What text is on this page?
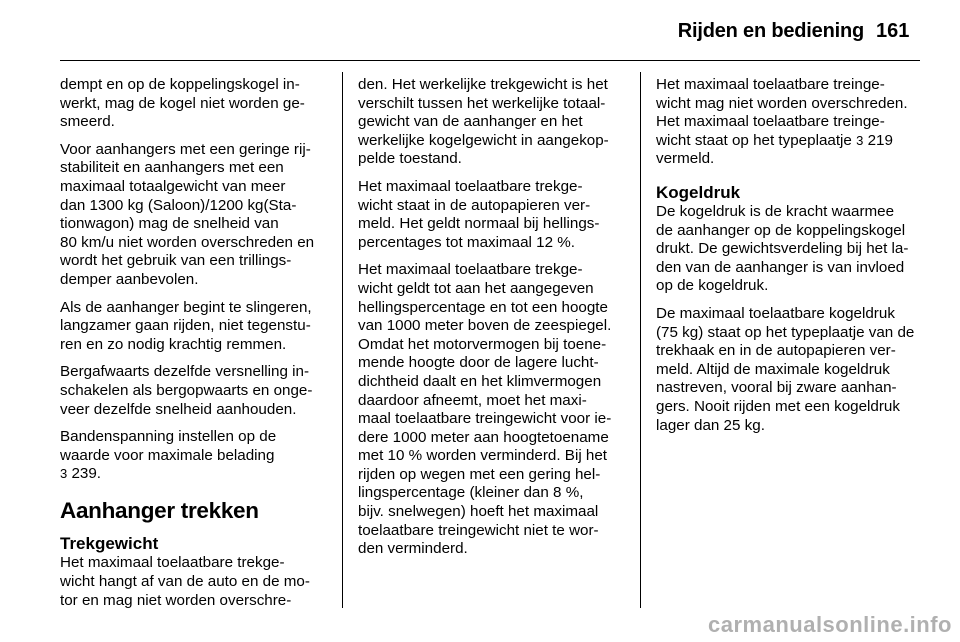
Rijden en bediening 161

dempt en op de koppelingskogel in-
werkt, mag de kogel niet worden ge-
smeerd.

Voor aanhangers met een geringe rij-
stabiliteit en aanhangers met een
maximaal totaalgewicht van meer
dan 1300 kg (Saloon)/1200 kg(Sta-
tionwagon) mag de snelheid van
80 km/u niet worden overschreden en
wordt het gebruik van een trillings-
demper aanbevolen.

Als de aanhanger begint te slingeren,
langzamer gaan rijden, niet tegenstu-
ren en zo nodig krachtig remmen.

Bergafwaarts dezelfde versnelling in-
schakelen als bergopwaarts en onge-
veer dezelfde snelheid aanhouden.

Bandenspanning instellen op de
waarde voor maximale belading
3 239.

Aanhanger trekken
Trekgewicht

Het maximaal toelaatbare trekge-
wicht hangt af van de auto en de mo-
tor en mag niet worden overschre-

den. Het werkelijke trekgewicht is het
verschilt tussen het werkelijke totaal-
gewicht van de aanhanger en het
werkelijke kogelgewicht in aangekop-
pelde toestand.

Het maximaal toelaatbare trekge-
wicht staat in de autopapieren ver-
meld. Het geldt normaal bij hellings-
percentages tot maximaal 12 %.

Het maximaal toelaatbare trekge-
wicht geldt tot aan het aangegeven
hellingspercentage en tot een hoogte
van 1000 meter boven de zeespiegel.
Omdat het motorvermogen bij toene-
mende hoogte door de lagere lucht-
dichtheid daalt en het klimvermogen
daardoor afneemt, moet het maxi-
maal toelaatbare treingewicht voor ie-
dere 1000 meter aan hoogtetoename
met 10 % worden verminderd. Bij het
rijden op wegen met een gering hel-
lingspercentage (kleiner dan 8 %,
bijv. snelwegen) hoeft het maximaal
toelaatbare treingewicht niet te wor-
den verminderd.

Het maximaal toelaatbare treinge-
wicht mag niet worden overschreden.
Het maximaal toelaatbare treinge-
wicht staat op het typeplaatje 3 219
vermeld.

Kogeldruk

De kogeldruk is de kracht waarmee
de aanhanger op de koppelingskogel
drukt. De gewichtsverdeling bij het la-
den van de aanhanger is van invloed
op de kogeldruk.

De maximaal toelaatbare kogeldruk
(75 kg) staat op het typeplaatje van de
trekhaak en in de autopapieren ver-
meld. Altijd de maximale kogeldruk
nastreven, vooral bij zware aanhan-
gers. Nooit rijden met een kogeldruk
lager dan 25 kg.

carmanualsonline.info
